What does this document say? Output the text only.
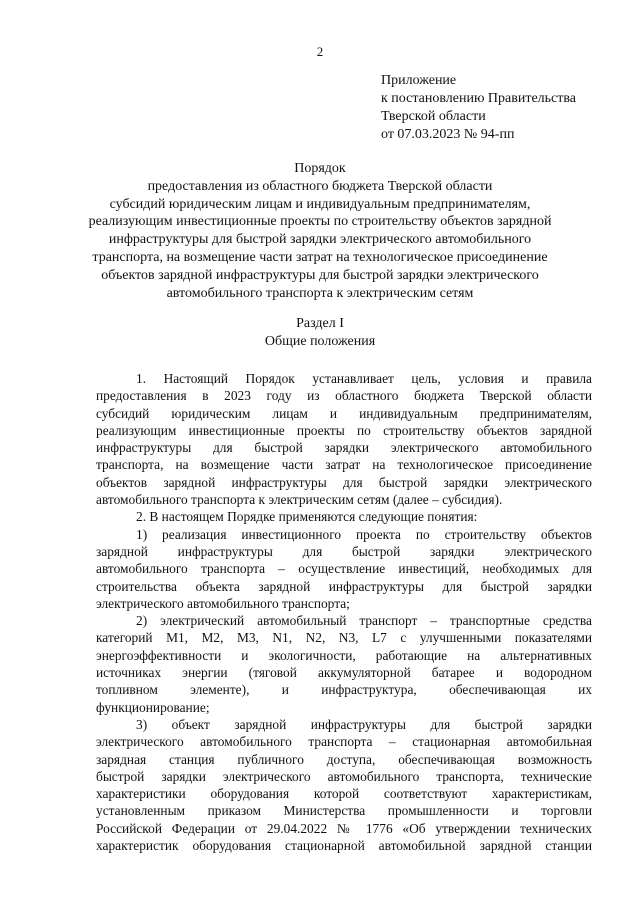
2
Приложение
к постановлению Правительства
Тверской области
от 07.03.2023 № 94-пп
Порядок
предоставления из областного бюджета Тверской области
субсидий юридическим лицам и индивидуальным предпринимателям,
реализующим инвестиционные проекты по строительству объектов зарядной
инфраструктуры для быстрой зарядки электрического автомобильного
транспорта, на возмещение части затрат на технологическое присоединение
объектов зарядной инфраструктуры для быстрой зарядки электрического
автомобильного транспорта к электрическим сетям
Раздел I
Общие положения
1. Настоящий Порядок устанавливает цель, условия и правила
предоставления в 2023 году из областного бюджета Тверской области
субсидий юридическим лицам и индивидуальным предпринимателям,
реализующим инвестиционные проекты по строительству объектов зарядной
инфраструктуры для быстрой зарядки электрического автомобильного
транспорта, на возмещение части затрат на технологическое присоединение
объектов зарядной инфраструктуры для быстрой зарядки электрического
автомобильного транспорта к электрическим сетям (далее – субсидия).
2. В настоящем Порядке применяются следующие понятия:
1) реализация инвестиционного проекта по строительству объектов
зарядной инфраструктуры для быстрой зарядки электрического
автомобильного транспорта – осуществление инвестиций, необходимых для
строительства объекта зарядной инфраструктуры для быстрой зарядки
электрического автомобильного транспорта;
2) электрический автомобильный транспорт – транспортные средства
категорий M1, M2, M3, N1, N2, N3, L7 с улучшенными показателями
энергоэффективности и экологичности, работающие на альтернативных
источниках энергии (тяговой аккумуляторной батарее и водородном
топливном элементе), и инфраструктура, обеспечивающая их
функционирование;
3) объект зарядной инфраструктуры для быстрой зарядки
электрического автомобильного транспорта – стационарная автомобильная
зарядная станция публичного доступа, обеспечивающая возможность
быстрой зарядки электрического автомобильного транспорта, технические
характеристики оборудования которой соответствуют характеристикам,
установленным приказом Министерства промышленности и торговли
Российской Федерации от 29.04.2022 № 1776 «Об утверждении технических
характеристик оборудования стационарной автомобильной зарядной станции
